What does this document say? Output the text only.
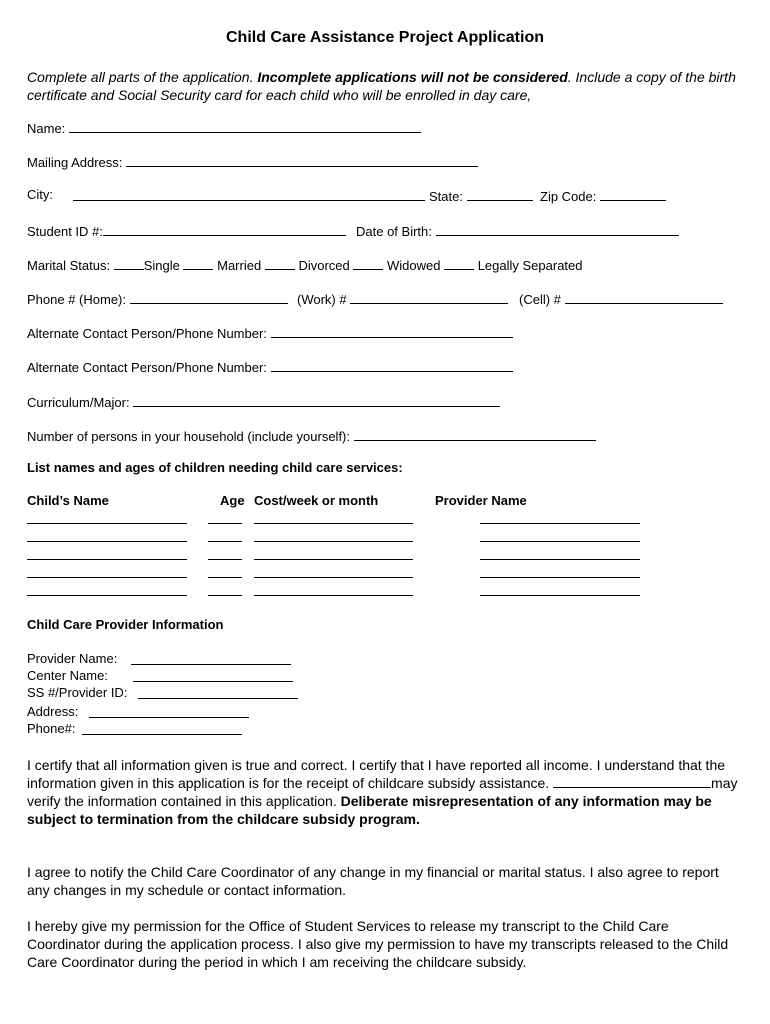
Child Care Assistance Project Application
Complete all parts of the application. Incomplete applications will not be considered. Include a copy of the birth certificate and Social Security card for each child who will be enrolled in day care,
Name:
Mailing Address:
City:	State:	Zip Code:
Student ID #:	Date of Birth:
Marital Status:	Single	Married	Divorced	Widowed	Legally Separated
Phone # (Home):	(Work) #	(Cell) #
Alternate Contact Person/Phone Number:
Alternate Contact Person/Phone Number:
Curriculum/Major:
Number of persons in your household (include yourself):
List names and ages of children needing child care services:
Child’s Name	Age Cost/week or month	Provider Name
Child Care Provider Information
Provider Name:
Center Name:
SS #/Provider ID:
Address:
Phone#:
I certify that all information given is true and correct. I certify that I have reported all income. I understand that the information given in this application is for the receipt of childcare subsidy assistance.	may verify the information contained in this application. Deliberate misrepresentation of any information may be subject to termination from the childcare subsidy program.
I agree to notify the Child Care Coordinator of any change in my financial or marital status. I also agree to report any changes in my schedule or contact information.
I hereby give my permission for the Office of Student Services to release my transcript to the Child Care Coordinator during the application process. I also give my permission to have my transcripts released to the Child Care Coordinator during the period in which I am receiving the childcare subsidy.
